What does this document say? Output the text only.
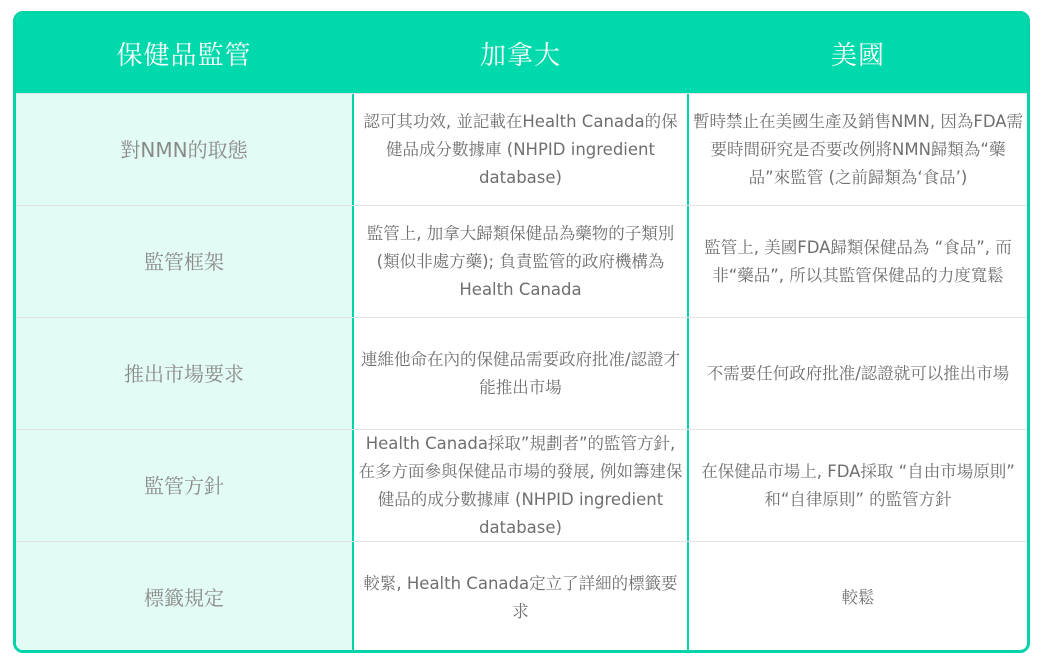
保健品監管	加拿大	美國
對NMN的取態
認可其功效, 並記載在Health Canada的保健品成分數據庫 (NHPID ingredient database)
暫時禁止在美國生產及銷售NMN, 因為FDA需要時間研究是否要改例將NMN歸類為“藥品”來監管 (之前歸類為‘食品’)
監管框架
監管上, 加拿大歸類保健品為藥物的子類別(類似非處方藥); 負責監管的政府機構為Health Canada
監管上, 美國FDA歸類保健品為 “食品”, 而非“藥品”, 所以其監管保健品的力度寬鬆
推出市場要求
連維他命在內的保健品需要政府批准/認證才能推出市場
不需要任何政府批准/認證就可以推出市場
監管方針
Health Canada採取”規劃者”的監管方針, 在多方面參與保健品市場的發展, 例如籌建保健品的成分數據庫 (NHPID ingredient database)
在保健品市場上, FDA採取 “自由市場原則” 和“自律原則” 的監管方針
標籤規定
較緊, Health Canada定立了詳細的標籤要求
較鬆
